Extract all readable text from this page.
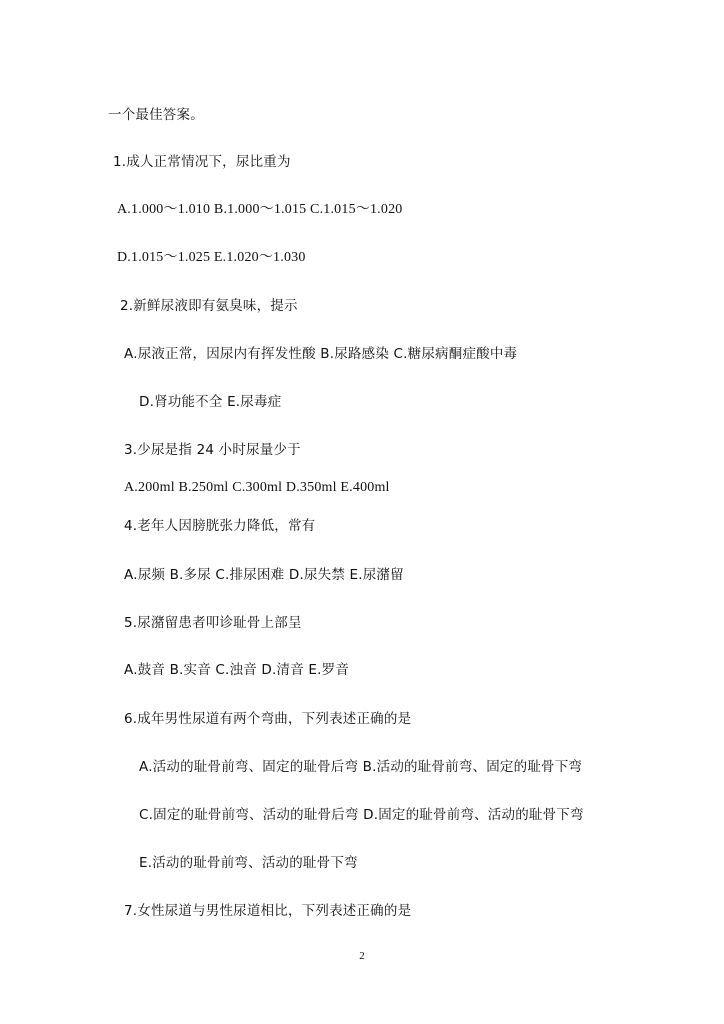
一个最佳答案。
1.成人正常情况下，尿比重为
A.1.000～1.010 B.1.000～1.015 C.1.015～1.020
D.1.015～1.025 E.1.020～1.030
2.新鲜尿液即有氨臭味，提示
A.尿液正常，因尿内有挥发性酸 B.尿路感染 C.糖尿病酮症酸中毒
D.肾功能不全 E.尿毒症
3.少尿是指 24 小时尿量少于
A.200ml B.250ml C.300ml D.350ml E.400ml
4.老年人因膀胱张力降低，常有
A.尿频 B.多尿 C.排尿困难 D.尿失禁 E.尿潴留
5.尿潴留患者叩诊耻骨上部呈
A.鼓音 B.实音 C.浊音 D.清音 E.罗音
6.成年男性尿道有两个弯曲，下列表述正确的是
A.活动的耻骨前弯、固定的耻骨后弯 B.活动的耻骨前弯、固定的耻骨下弯
C.固定的耻骨前弯、活动的耻骨后弯 D.固定的耻骨前弯、活动的耻骨下弯
E.活动的耻骨前弯、活动的耻骨下弯
7.女性尿道与男性尿道相比，下列表述正确的是
2
